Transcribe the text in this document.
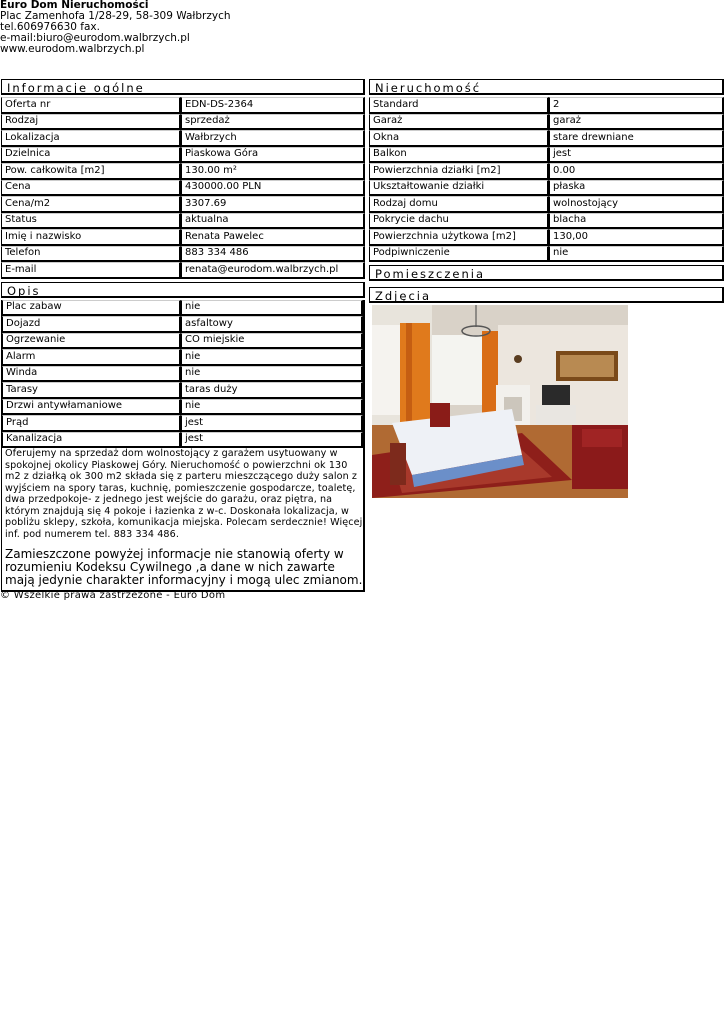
Euro Dom Nieruchomości
Plac Zamenhofa 1/28-29, 58-309 Wałbrzych
tel.606976630 fax.
e-mail:biuro@eurodom.walbrzych.pl
www.eurodom.walbrzych.pl
Informacje ogólne
Oferta nr	EDN-DS-2364
Rodzaj	sprzedaż
Lokalizacja	Wałbrzych
Dzielnica	Piaskowa Góra
Pow. całkowita [m2]	130.00 m²
Cena	430000.00 PLN
Cena/m2	3307.69
Status	aktualna
Imię i nazwisko	Renata Pawelec
Telefon	883 334 486
E-mail	renata@eurodom.walbrzych.pl
Opis
Plac zabaw	nie
Dojazd	asfaltowy
Ogrzewanie	CO miejskie
Alarm	nie
Winda	nie
Tarasy	taras duży
Drzwi antywłamaniowe	nie
Prąd	jest
Kanalizacja	jest
Oferujemy na sprzedaż dom wolnostojący z garażem usytuowany w spokojnej okolicy Piaskowej Góry. Nieruchomość o powierzchni ok 130 m2 z działką ok 300 m2 składa się z parteru mieszczącego duży salon z wyjściem na spory taras, kuchnię, pomieszczenie gospodarcze, toaletę, dwa przedpokoje- z jednego jest wejście do garażu, oraz piętra, na którym znajdują się 4 pokoje i łazienka z w-c. Doskonała lokalizacja, w pobliżu sklepy, szkoła, komunikacja miejska. Polecam serdecznie! Więcej inf. pod numerem tel. 883 334 486.
Zamieszczone powyżej informacje nie stanowią oferty w rozumieniu Kodeksu Cywilnego ,a dane w nich zawarte mają jedynie charakter informacyjny i mogą ulec zmianom.
Nieruchomość
Standard	2
Garaż	garaż
Okna	stare drewniane
Balkon	jest
Powierzchnia działki [m2]	0.00
Ukształtowanie działki	płaska
Rodzaj domu	wolnostojący
Pokrycie dachu	blacha
Powierzchnia użytkowa [m2]	130,00
Podpiwniczenie	nie
Pomieszczenia
Zdjęcia
© Wszelkie prawa zastrzeżone - Euro Dom
